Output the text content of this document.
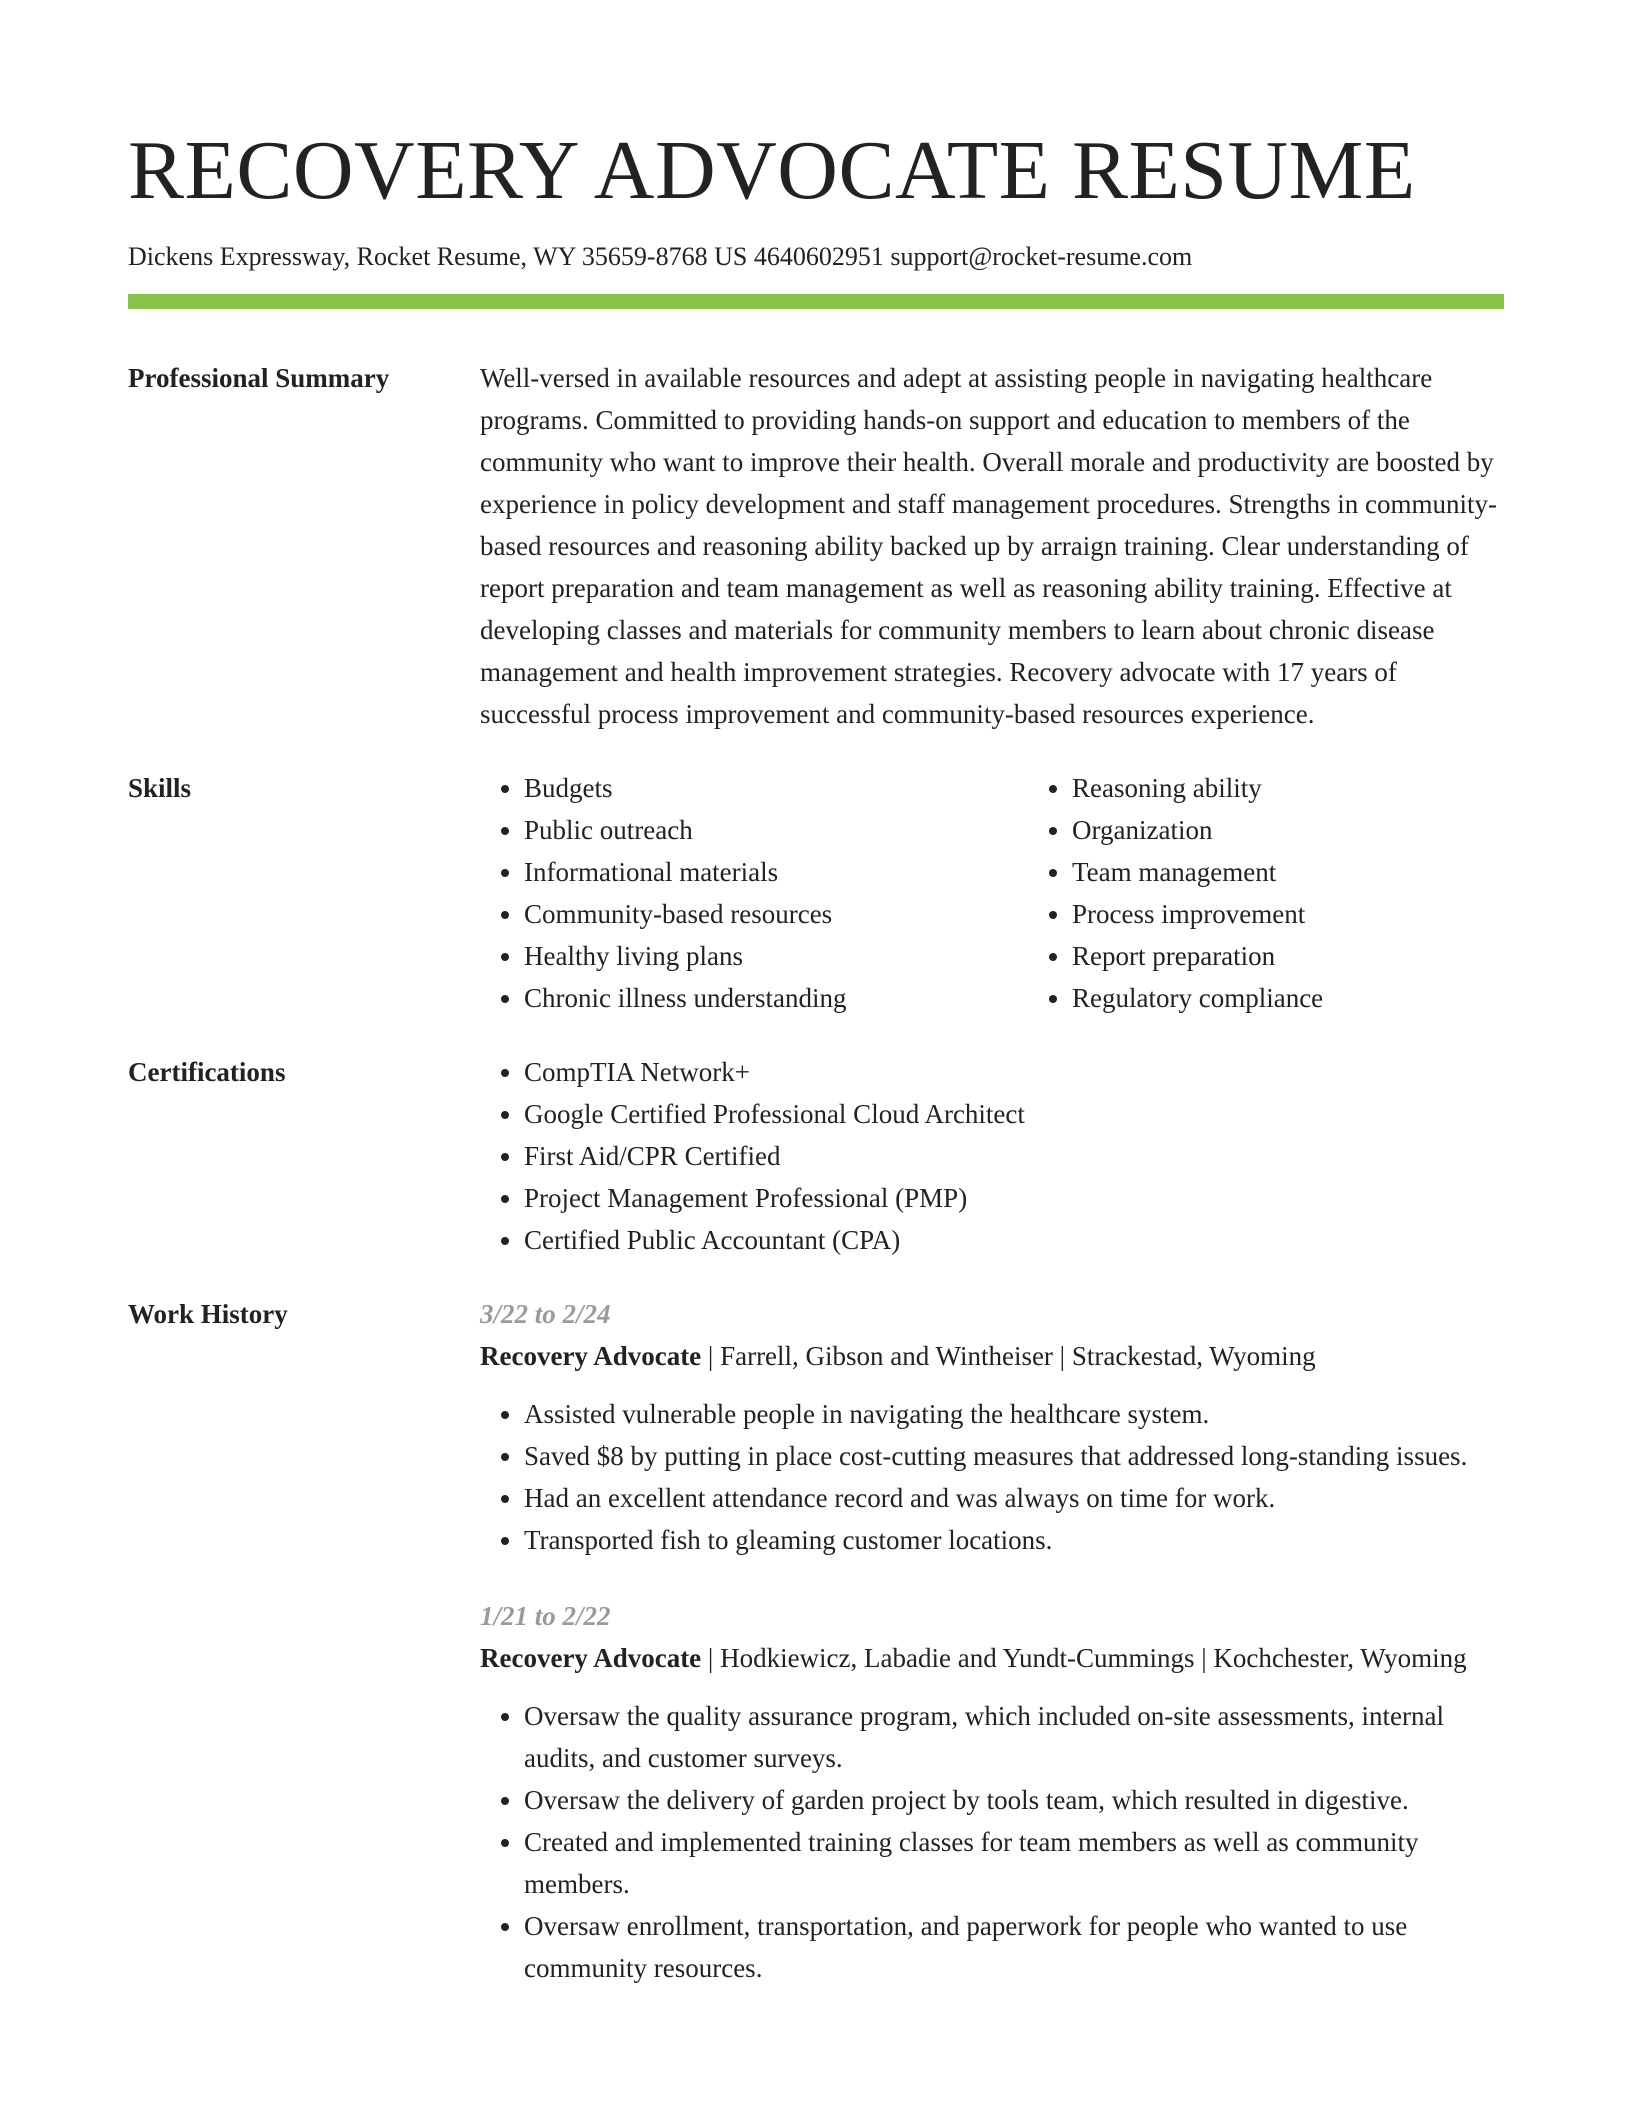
RECOVERY ADVOCATE RESUME
Dickens Expressway, Rocket Resume, WY 35659-8768 US 4640602951 support@rocket-resume.com
Professional Summary	Well-versed in available resources and adept at assisting people in navigating healthcare programs. Committed to providing hands-on support and education to members of the community who want to improve their health. Overall morale and productivity are boosted by experience in policy development and staff management procedures. Strengths in community-based resources and reasoning ability backed up by arraign training. Clear understanding of report preparation and team management as well as reasoning ability training. Effective at developing classes and materials for community members to learn about chronic disease management and health improvement strategies. Recovery advocate with 17 years of successful process improvement and community-based resources experience.

Skills	• Budgets
• Public outreach
• Informational materials
• Community-based resources
• Healthy living plans
• Chronic illness understanding
• Reasoning ability
• Organization
• Team management
• Process improvement
• Report preparation
• Regulatory compliance
Certifications	• CompTIA Network+
• Google Certified Professional Cloud Architect
• First Aid/CPR Certified
• Project Management Professional (PMP)
• Certified Public Accountant (CPA)
Work History	3/22 to 2/24

Recovery Advocate | Farrell, Gibson and Wintheiser | Strackestad, Wyoming

• Assisted vulnerable people in navigating the healthcare system.
• Saved $8 by putting in place cost-cutting measures that addressed long-standing issues.
• Had an excellent attendance record and was always on time for work.
• Transported fish to gleaming customer locations.
1/21 to 2/22

Recovery Advocate | Hodkiewicz, Labadie and Yundt-Cummings | Kochchester, Wyoming

• Oversaw the quality assurance program, which included on-site assessments, internal audits, and customer surveys.
• Oversaw the delivery of garden project by tools team, which resulted in digestive.
• Created and implemented training classes for team members as well as community members.
• Oversaw enrollment, transportation, and paperwork for people who wanted to use community resources.
